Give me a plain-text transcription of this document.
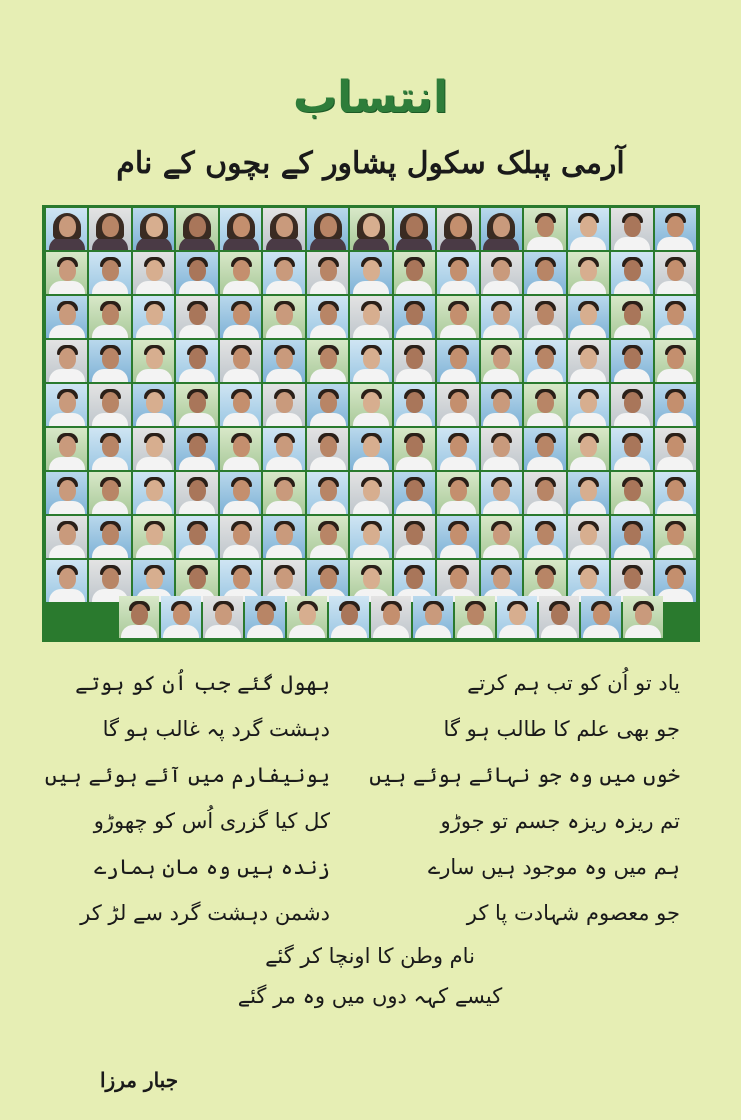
انتساب
آرمی پبلک سکول پشاور کے بچوں کے نام
یاد تو اُن کو تب ہم کرتے
بھول گئے جب اُن کو ہوتے
جو بھی علم کا طالب ہو گا
دہشت گرد پہ غالب ہو گا
خوں میں وہ جو نہائے ہوئے ہیں
یونیفارم میں آئے ہوئے ہیں
تم ریزہ ریزہ جسم تو جوڑو
کل کیا گزری اُس کو چھوڑو
ہم میں وہ موجود ہیں سارے
زندہ ہیں وہ مان ہمارے
جو معصوم شہادت پا کر
دشمن دہشت گرد سے لڑ کر
نام وطن کا اونچا کر گئے
کیسے کہہ دوں میں وہ مر گئے
جبار مرزا
